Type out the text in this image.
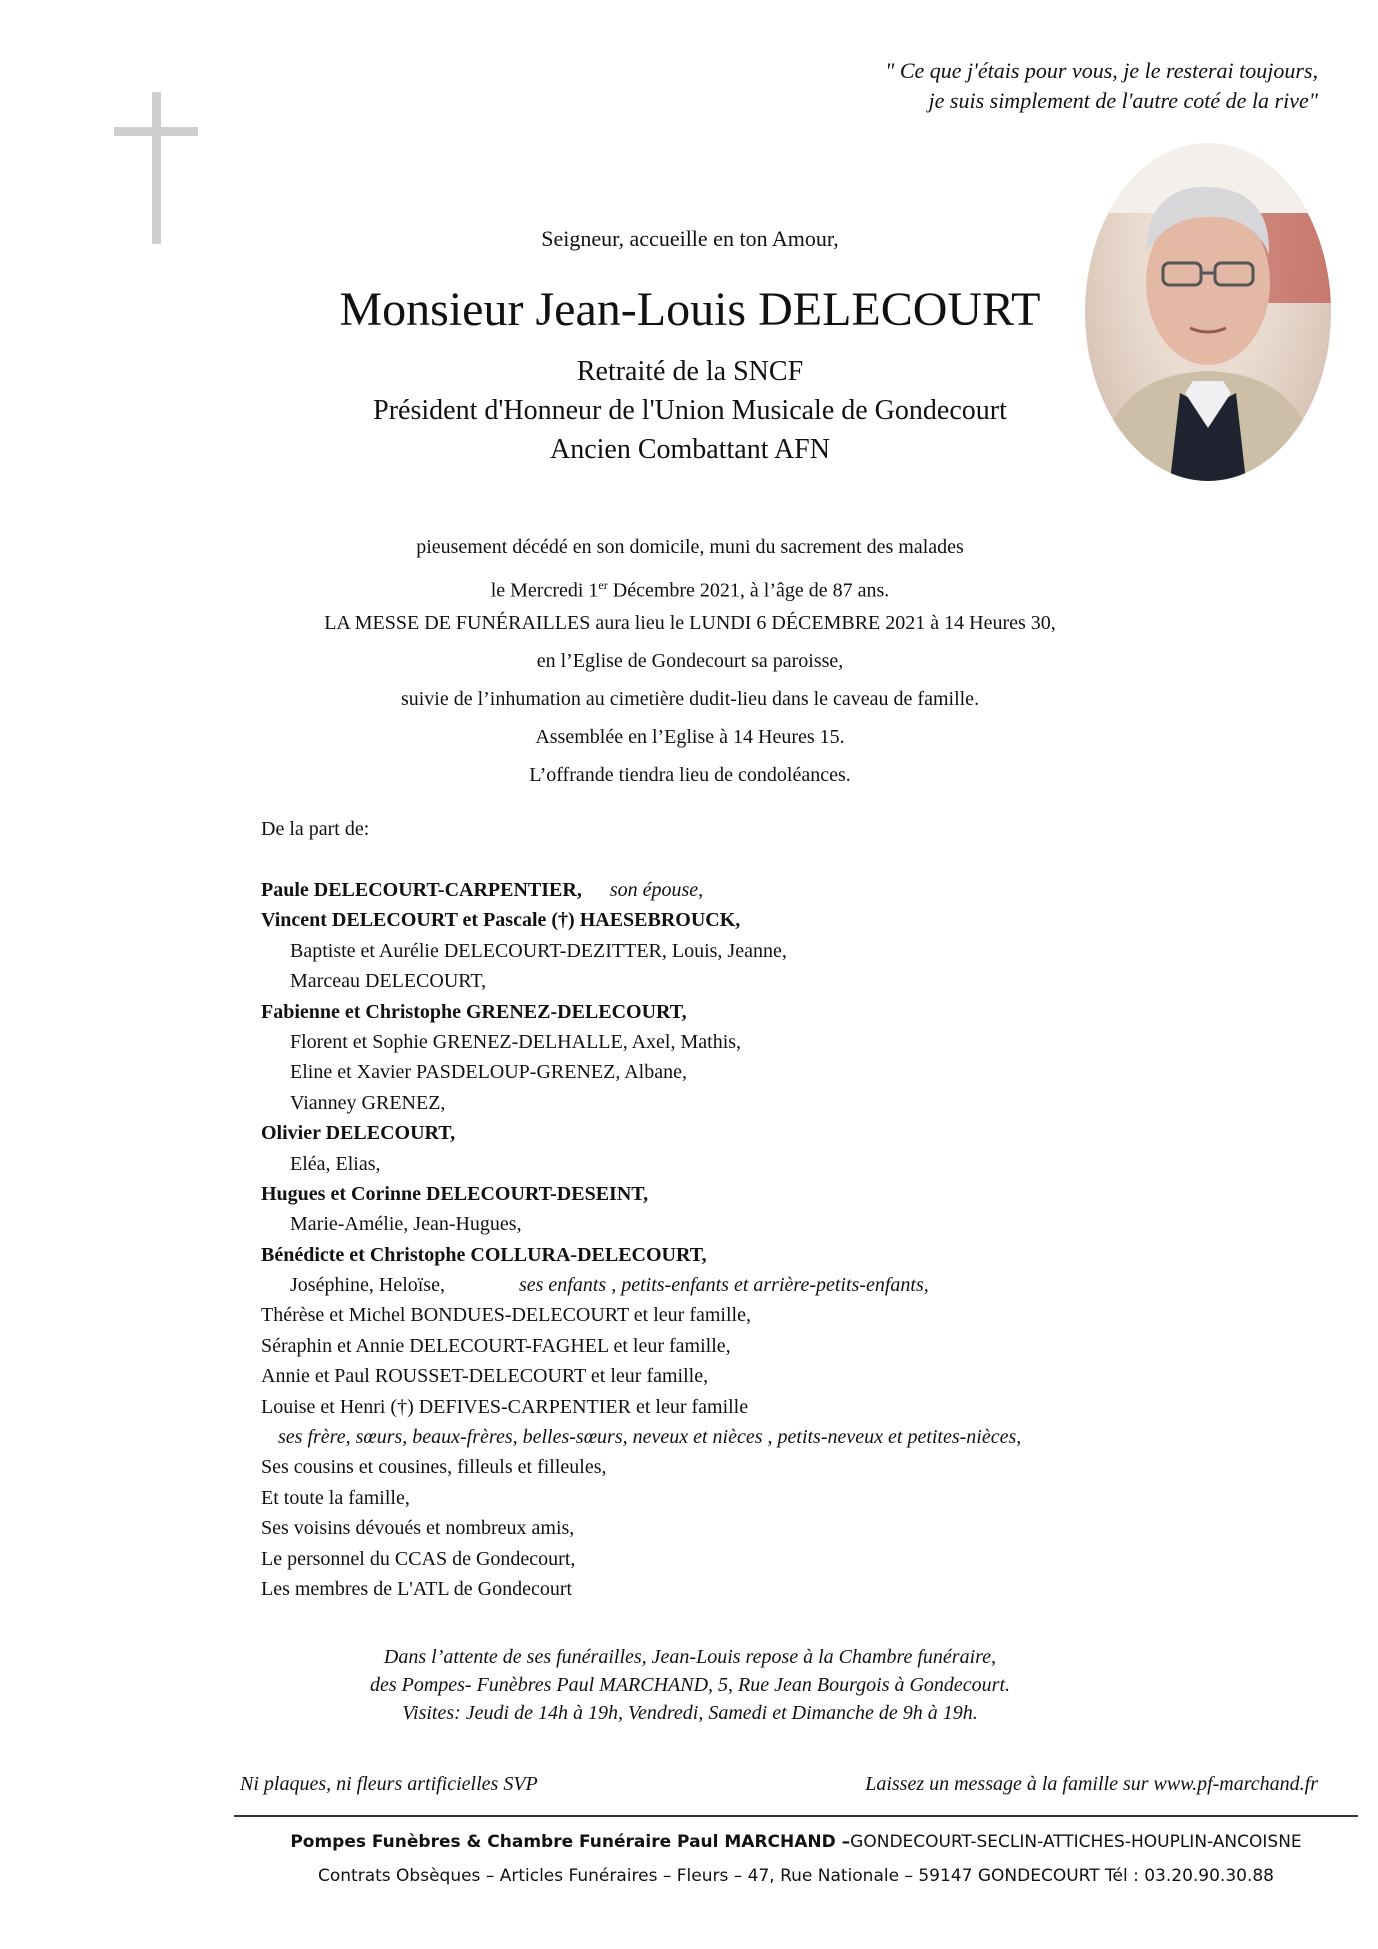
" Ce que j'étais pour vous, je le resterai toujours,
je suis simplement de l'autre coté de la rive"
Seigneur, accueille en ton Amour,
Monsieur Jean-Louis DELECOURT
Retraité de la SNCF
Président d'Honneur de l'Union Musicale de Gondecourt
Ancien Combattant AFN
pieusement décédé en son domicile, muni du sacrement des malades
le Mercredi 1er Décembre 2021, à l’âge de 87 ans.
LA MESSE DE FUNÉRAILLES aura lieu le LUNDI 6 DÉCEMBRE 2021 à 14 Heures 30,
en l’Eglise de Gondecourt sa paroisse,
suivie de l’inhumation au cimetière dudit-lieu dans le caveau de famille.
Assemblée en l’Eglise à 14 Heures 15.
L’offrande tiendra lieu de condoléances.
De la part de:
Paule DELECOURT-CARPENTIER, son épouse,
Vincent DELECOURT et Pascale (†) HAESEBROUCK,
Baptiste et Aurélie DELECOURT-DEZITTER, Louis, Jeanne,
Marceau DELECOURT,
Fabienne et Christophe GRENEZ-DELECOURT,
Florent et Sophie GRENEZ-DELHALLE, Axel, Mathis,
Eline et Xavier PASDELOUP-GRENEZ, Albane,
Vianney GRENEZ,
Olivier DELECOURT,
Eléa, Elias,
Hugues et Corinne DELECOURT-DESEINT,
Marie-Amélie, Jean-Hugues,
Bénédicte et Christophe COLLURA-DELECOURT,
Joséphine, Heloïse,	ses enfants , petits-enfants et arrière-petits-enfants,
Thérèse et Michel BONDUES-DELECOURT et leur famille,
Séraphin et Annie DELECOURT-FAGHEL et leur famille,
Annie et Paul ROUSSET-DELECOURT et leur famille,
Louise et Henri (†) DEFIVES-CARPENTIER et leur famille
ses frère, sœurs, beaux-frères, belles-sœurs, neveux et nièces , petits-neveux et petites-nièces,
Ses cousins et cousines, filleuls et filleules,
Et toute la famille,
Ses voisins dévoués et nombreux amis,
Le personnel du CCAS de Gondecourt,
Les membres de L'ATL de Gondecourt
Dans l’attente de ses funérailles, Jean-Louis repose à la Chambre funéraire,
des Pompes- Funèbres Paul MARCHAND, 5, Rue Jean Bourgois à Gondecourt.
Visites: Jeudi de 14h à 19h, Vendredi, Samedi et Dimanche de 9h à 19h.
Ni plaques, ni fleurs artificielles SVP	Laissez un message à la famille sur www.pf-marchand.fr
Pompes Funèbres & Chambre Funéraire Paul MARCHAND –GONDECOURT-SECLIN-ATTICHES-HOUPLIN-ANCOISNE
Contrats Obsèques – Articles Funéraires – Fleurs – 47, Rue Nationale – 59147 GONDECOURT Tél : 03.20.90.30.88
